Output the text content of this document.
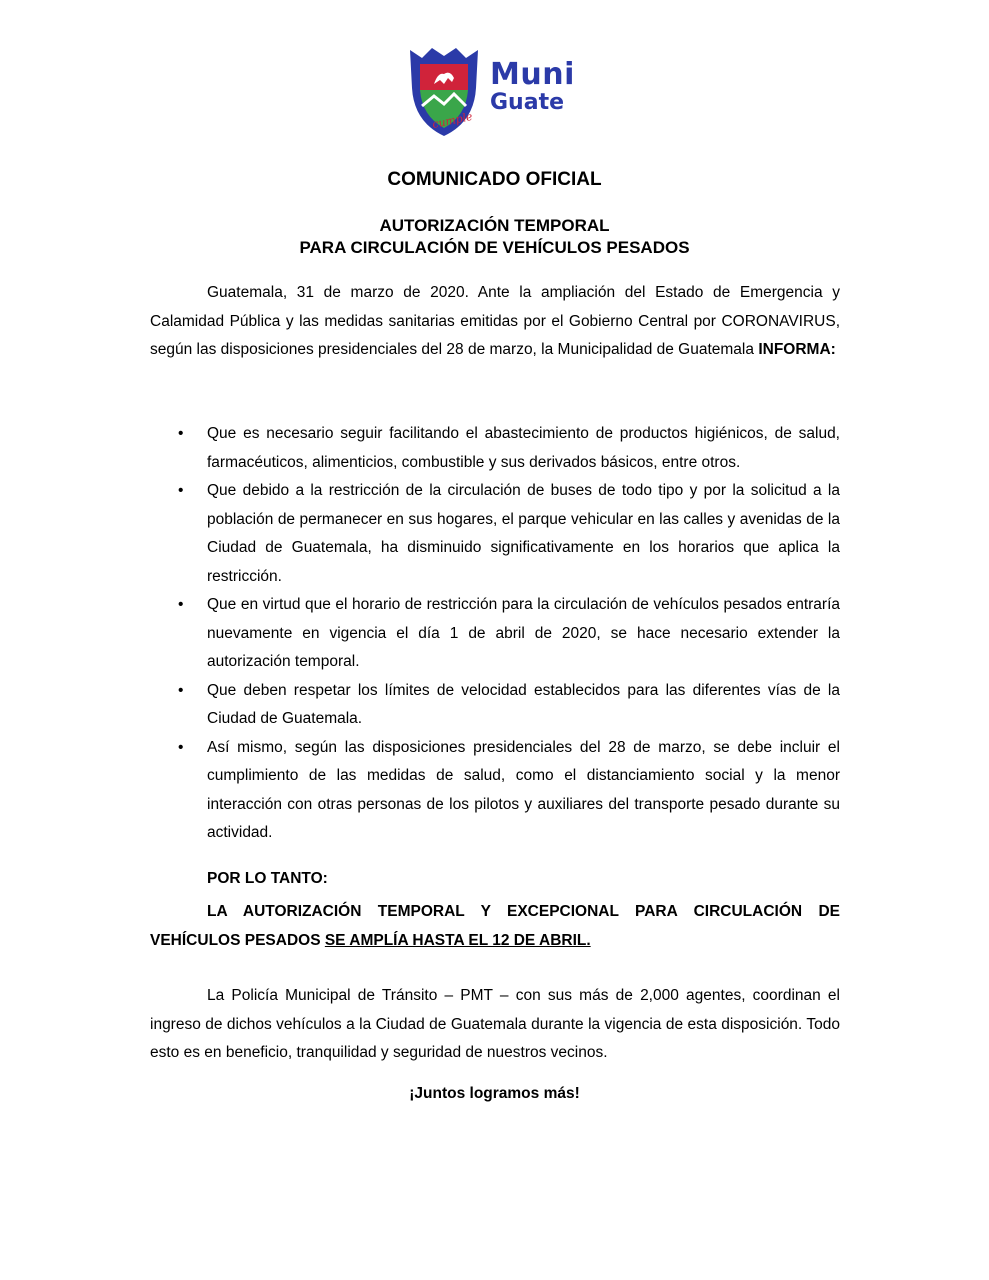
Muni
Guate
cumple
COMUNICADO OFICIAL
AUTORIZACIÓN TEMPORAL
PARA CIRCULACIÓN DE VEHÍCULOS PESADOS
Guatemala, 31 de marzo de 2020. Ante la ampliación del Estado de Emergencia y Calamidad Pública y las medidas sanitarias emitidas por el Gobierno Central por CORONAVIRUS, según las disposiciones presidenciales del 28 de marzo, la Municipalidad de Guatemala INFORMA:
• Que es necesario seguir facilitando el abastecimiento de productos higiénicos, de salud, farmacéuticos, alimenticios, combustible y sus derivados básicos, entre otros.
• Que debido a la restricción de la circulación de buses de todo tipo y por la solicitud a la población de permanecer en sus hogares, el parque vehicular en las calles y avenidas de la Ciudad de Guatemala, ha disminuido significativamente en los horarios que aplica la restricción.
• Que en virtud que el horario de restricción para la circulación de vehículos pesados entraría nuevamente en vigencia el día 1 de abril de 2020, se hace necesario extender la autorización temporal.
• Que deben respetar los límites de velocidad establecidos para las diferentes vías de la Ciudad de Guatemala.
• Así mismo, según las disposiciones presidenciales del 28 de marzo, se debe incluir el cumplimiento de las medidas de salud, como el distanciamiento social y la menor interacción con otras personas de los pilotos y auxiliares del transporte pesado durante su actividad.
POR LO TANTO:
LA AUTORIZACIÓN TEMPORAL Y EXCEPCIONAL PARA CIRCULACIÓN DE VEHÍCULOS PESADOS SE AMPLÍA HASTA EL 12 DE ABRIL.
La Policía Municipal de Tránsito – PMT – con sus más de 2,000 agentes, coordinan el ingreso de dichos vehículos a la Ciudad de Guatemala durante la vigencia de esta disposición. Todo esto es en beneficio, tranquilidad y seguridad de nuestros vecinos.
¡Juntos logramos más!
